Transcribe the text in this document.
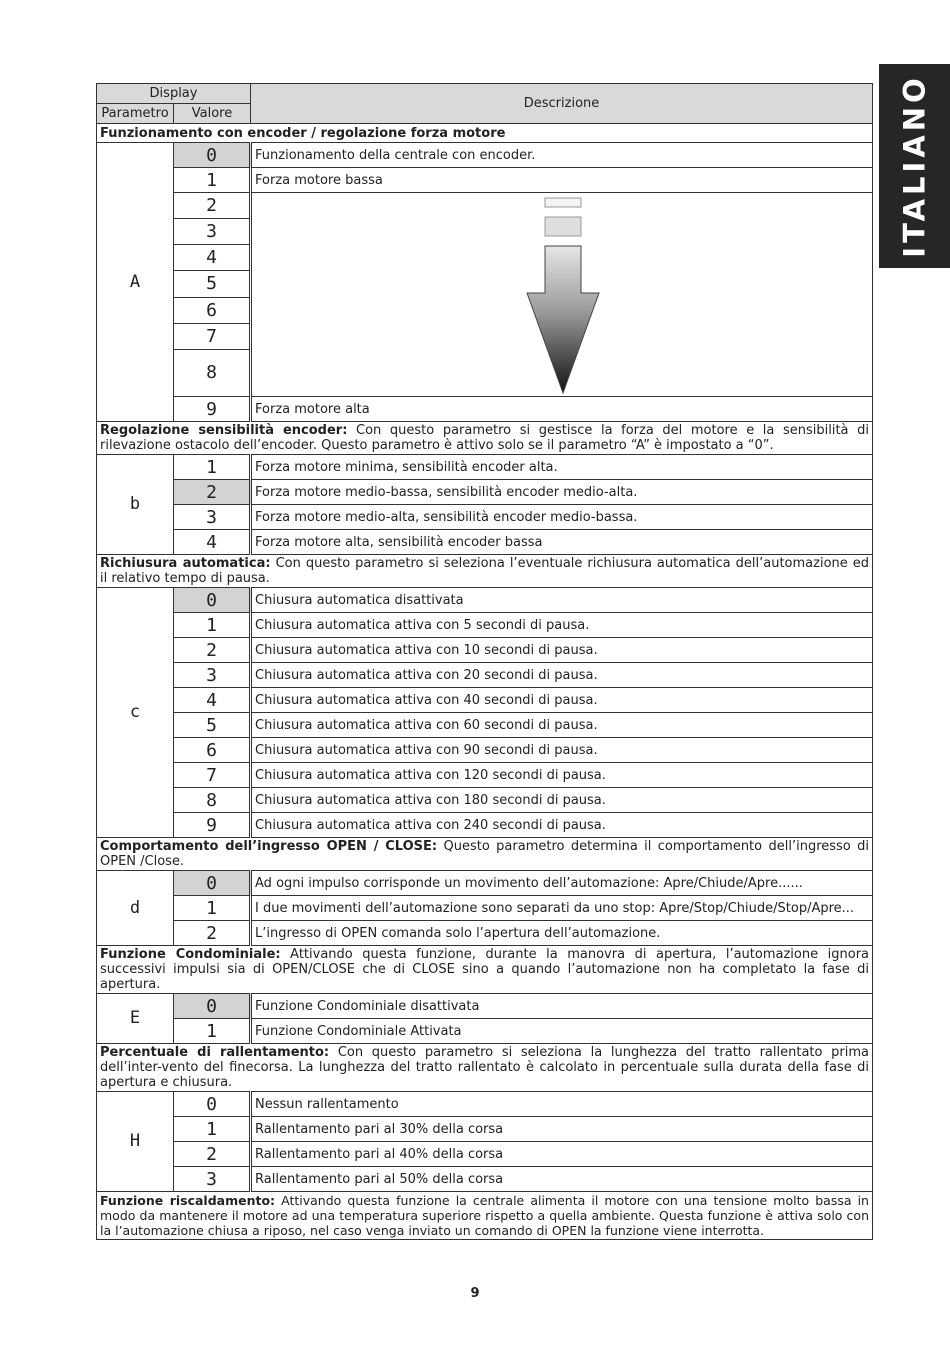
ITALIANO
Display		Descrizione
Parametro	Valore	
Funzionamento con encoder / regolazione forza motore		
A	0	Funzionamento della centrale con encoder.
	1	Forza motore bassa
	2	

	3	
	4	
	5	
	6	
	7	
	8	
	9	Forza motore alta
Regolazione sensibilità encoder: Con questo parametro si gestisce la forza del motore e la sensibilità di rilevazione ostacolo dell’encoder. Questo parametro è attivo solo se il parametro “A” è impostato a “0”.		
b	1	Forza motore minima, sensibilità encoder alta.
	2	Forza motore medio-bassa, sensibilità encoder medio-alta.
	3	Forza motore medio-alta, sensibilità encoder medio-bassa.
	4	Forza motore alta, sensibilità encoder bassa
Richiusura automatica: Con questo parametro si seleziona l’eventuale richiusura automatica dell’automazione ed il relativo tempo di pausa.		
c	0	Chiusura automatica disattivata
	1	Chiusura automatica attiva con 5 secondi di pausa.
	2	Chiusura automatica attiva con 10 secondi di pausa.
	3	Chiusura automatica attiva con 20 secondi di pausa.
	4	Chiusura automatica attiva con 40 secondi di pausa.
	5	Chiusura automatica attiva con 60 secondi di pausa.
	6	Chiusura automatica attiva con 90 secondi di pausa.
	7	Chiusura automatica attiva con 120 secondi di pausa.
	8	Chiusura automatica attiva con 180 secondi di pausa.
	9	Chiusura automatica attiva con 240 secondi di pausa.
Comportamento dell’ingresso OPEN / CLOSE: Questo parametro determina il comportamento dell’ingresso di OPEN /Close.		
d	0	Ad ogni impulso corrisponde un movimento dell’automazione: Apre/Chiude/Apre......
	1	I due movimenti dell’automazione sono separati da uno stop: Apre/Stop/Chiude/Stop/Apre...
	2	L’ingresso di OPEN comanda solo l’apertura dell’automazione.
Funzione Condominiale: Attivando questa funzione, durante la manovra di apertura, l’automazione ignora successivi impulsi sia di OPEN/CLOSE che di CLOSE sino a quando l’automazione non ha completato la fase di apertura.		
E	0	Funzione Condominiale disattivata
	1	Funzione Condominiale Attivata
Percentuale di rallentamento: Con questo parametro si seleziona la lunghezza del tratto rallentato prima dell’inter-vento del finecorsa. La lunghezza del tratto rallentato è calcolato in percentuale sulla durata della fase di apertura e chiusura.		
H	0	Nessun rallentamento
	1	Rallentamento pari al 30% della corsa
	2	Rallentamento pari al 40% della corsa
	3	Rallentamento pari al 50% della corsa
Funzione riscaldamento: Attivando questa funzione la centrale alimenta il motore con una tensione molto bassa in modo da mantenere il motore ad una temperatura superiore rispetto a quella ambiente. Questa funzione è attiva solo con la l’automazione chiusa a riposo, nel caso venga inviato un comando di OPEN la funzione viene interrotta.		
9
